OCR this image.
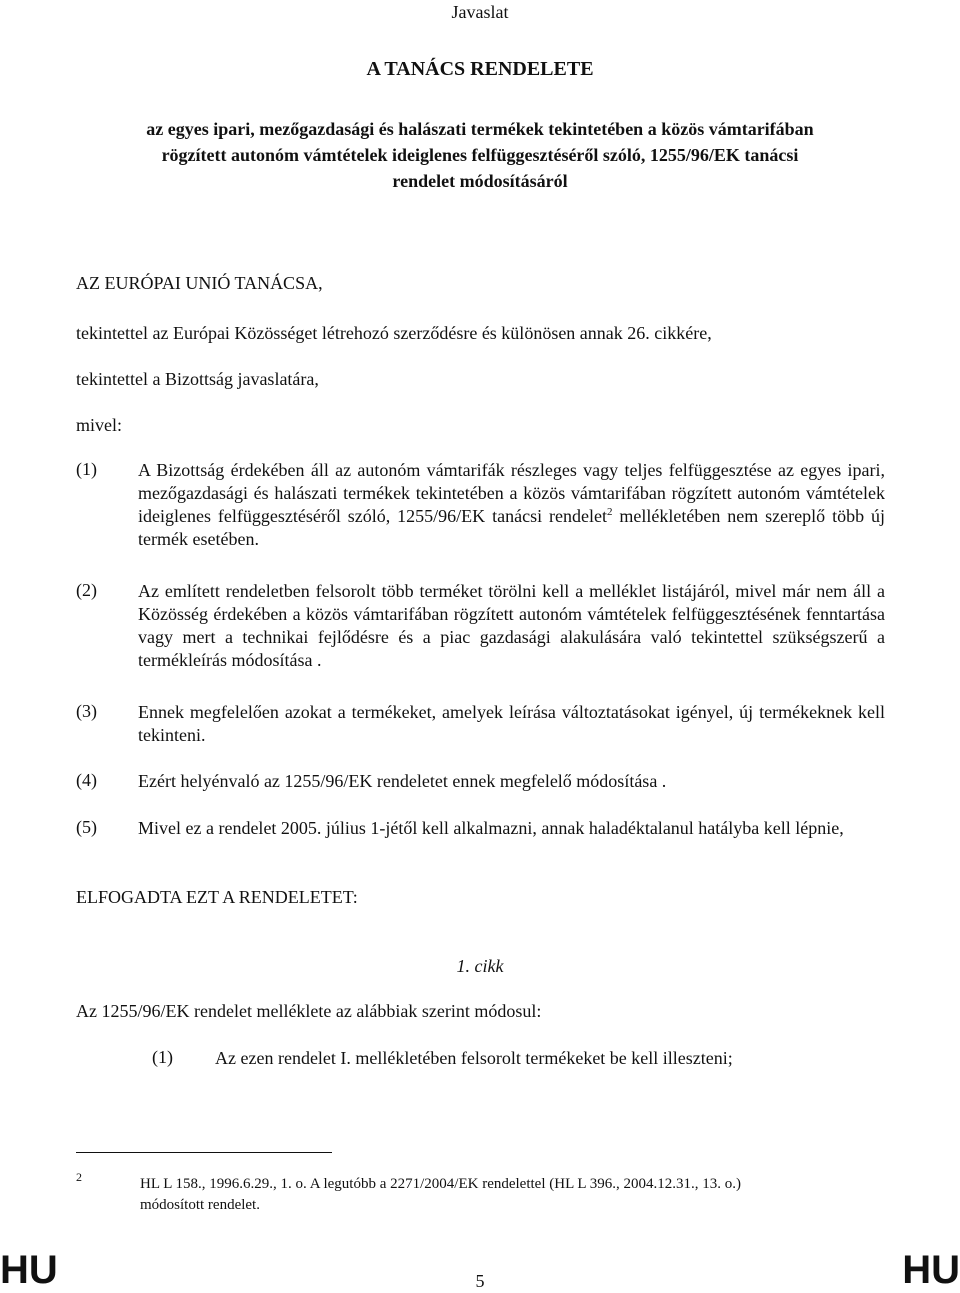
Javaslat
A TANÁCS RENDELETE
az egyes ipari, mezőgazdasági és halászati termékek tekintetében a közös vámtarifában
rögzített autonóm vámtételek ideiglenes felfüggesztéséről szóló, 1255/96/EK tanácsi
rendelet módosításáról
AZ EURÓPAI UNIÓ TANÁCSA,
tekintettel az Európai Közösséget létrehozó szerződésre és különösen annak 26. cikkére,
tekintettel a Bizottság javaslatára,
mivel:
(1) A Bizottság érdekében áll az autonóm vámtarifák részleges vagy teljes felfüggesztése az egyes ipari, mezőgazdasági és halászati termékek tekintetében a közös vámtarifában rögzített autonóm vámtételek ideiglenes felfüggesztéséről szóló, 1255/96/EK tanácsi rendelet$^2$ mellékletében nem szereplő több új termék esetében.
(2) Az említett rendeletben felsorolt több terméket törölni kell a melléklet listájáról, mivel már nem áll a Közösség érdekében a közös vámtarifában rögzített autonóm vámtételek felfüggesztésének fenntartása vagy mert a technikai fejlődésre és a piac gazdasági alakulására való tekintettel szükségszerű a termékleírás módosítása .
(3) Ennek megfelelően azokat a termékeket, amelyek leírása változtatásokat igényel, új termékeknek kell tekinteni.
(4) Ezért helyénvaló az 1255/96/EK rendeletet ennek megfelelő módosítása .
(5) Mivel ez a rendelet 2005. július 1-jétől kell alkalmazni, annak haladéktalanul hatályba kell lépnie,
ELFOGADTA EZT A RENDELETET:
1. cikk
Az 1255/96/EK rendelet melléklete az alábbiak szerint módosul:
(1) Az ezen rendelet I. mellékletében felsorolt termékeket be kell illeszteni;
2	HL L 158., 1996.6.29., 1. o. A legutóbb a 2271/2004/EK rendelettel (HL L 396., 2004.12.31., 13. o.)
módosított rendelet.
HU	5	HU
